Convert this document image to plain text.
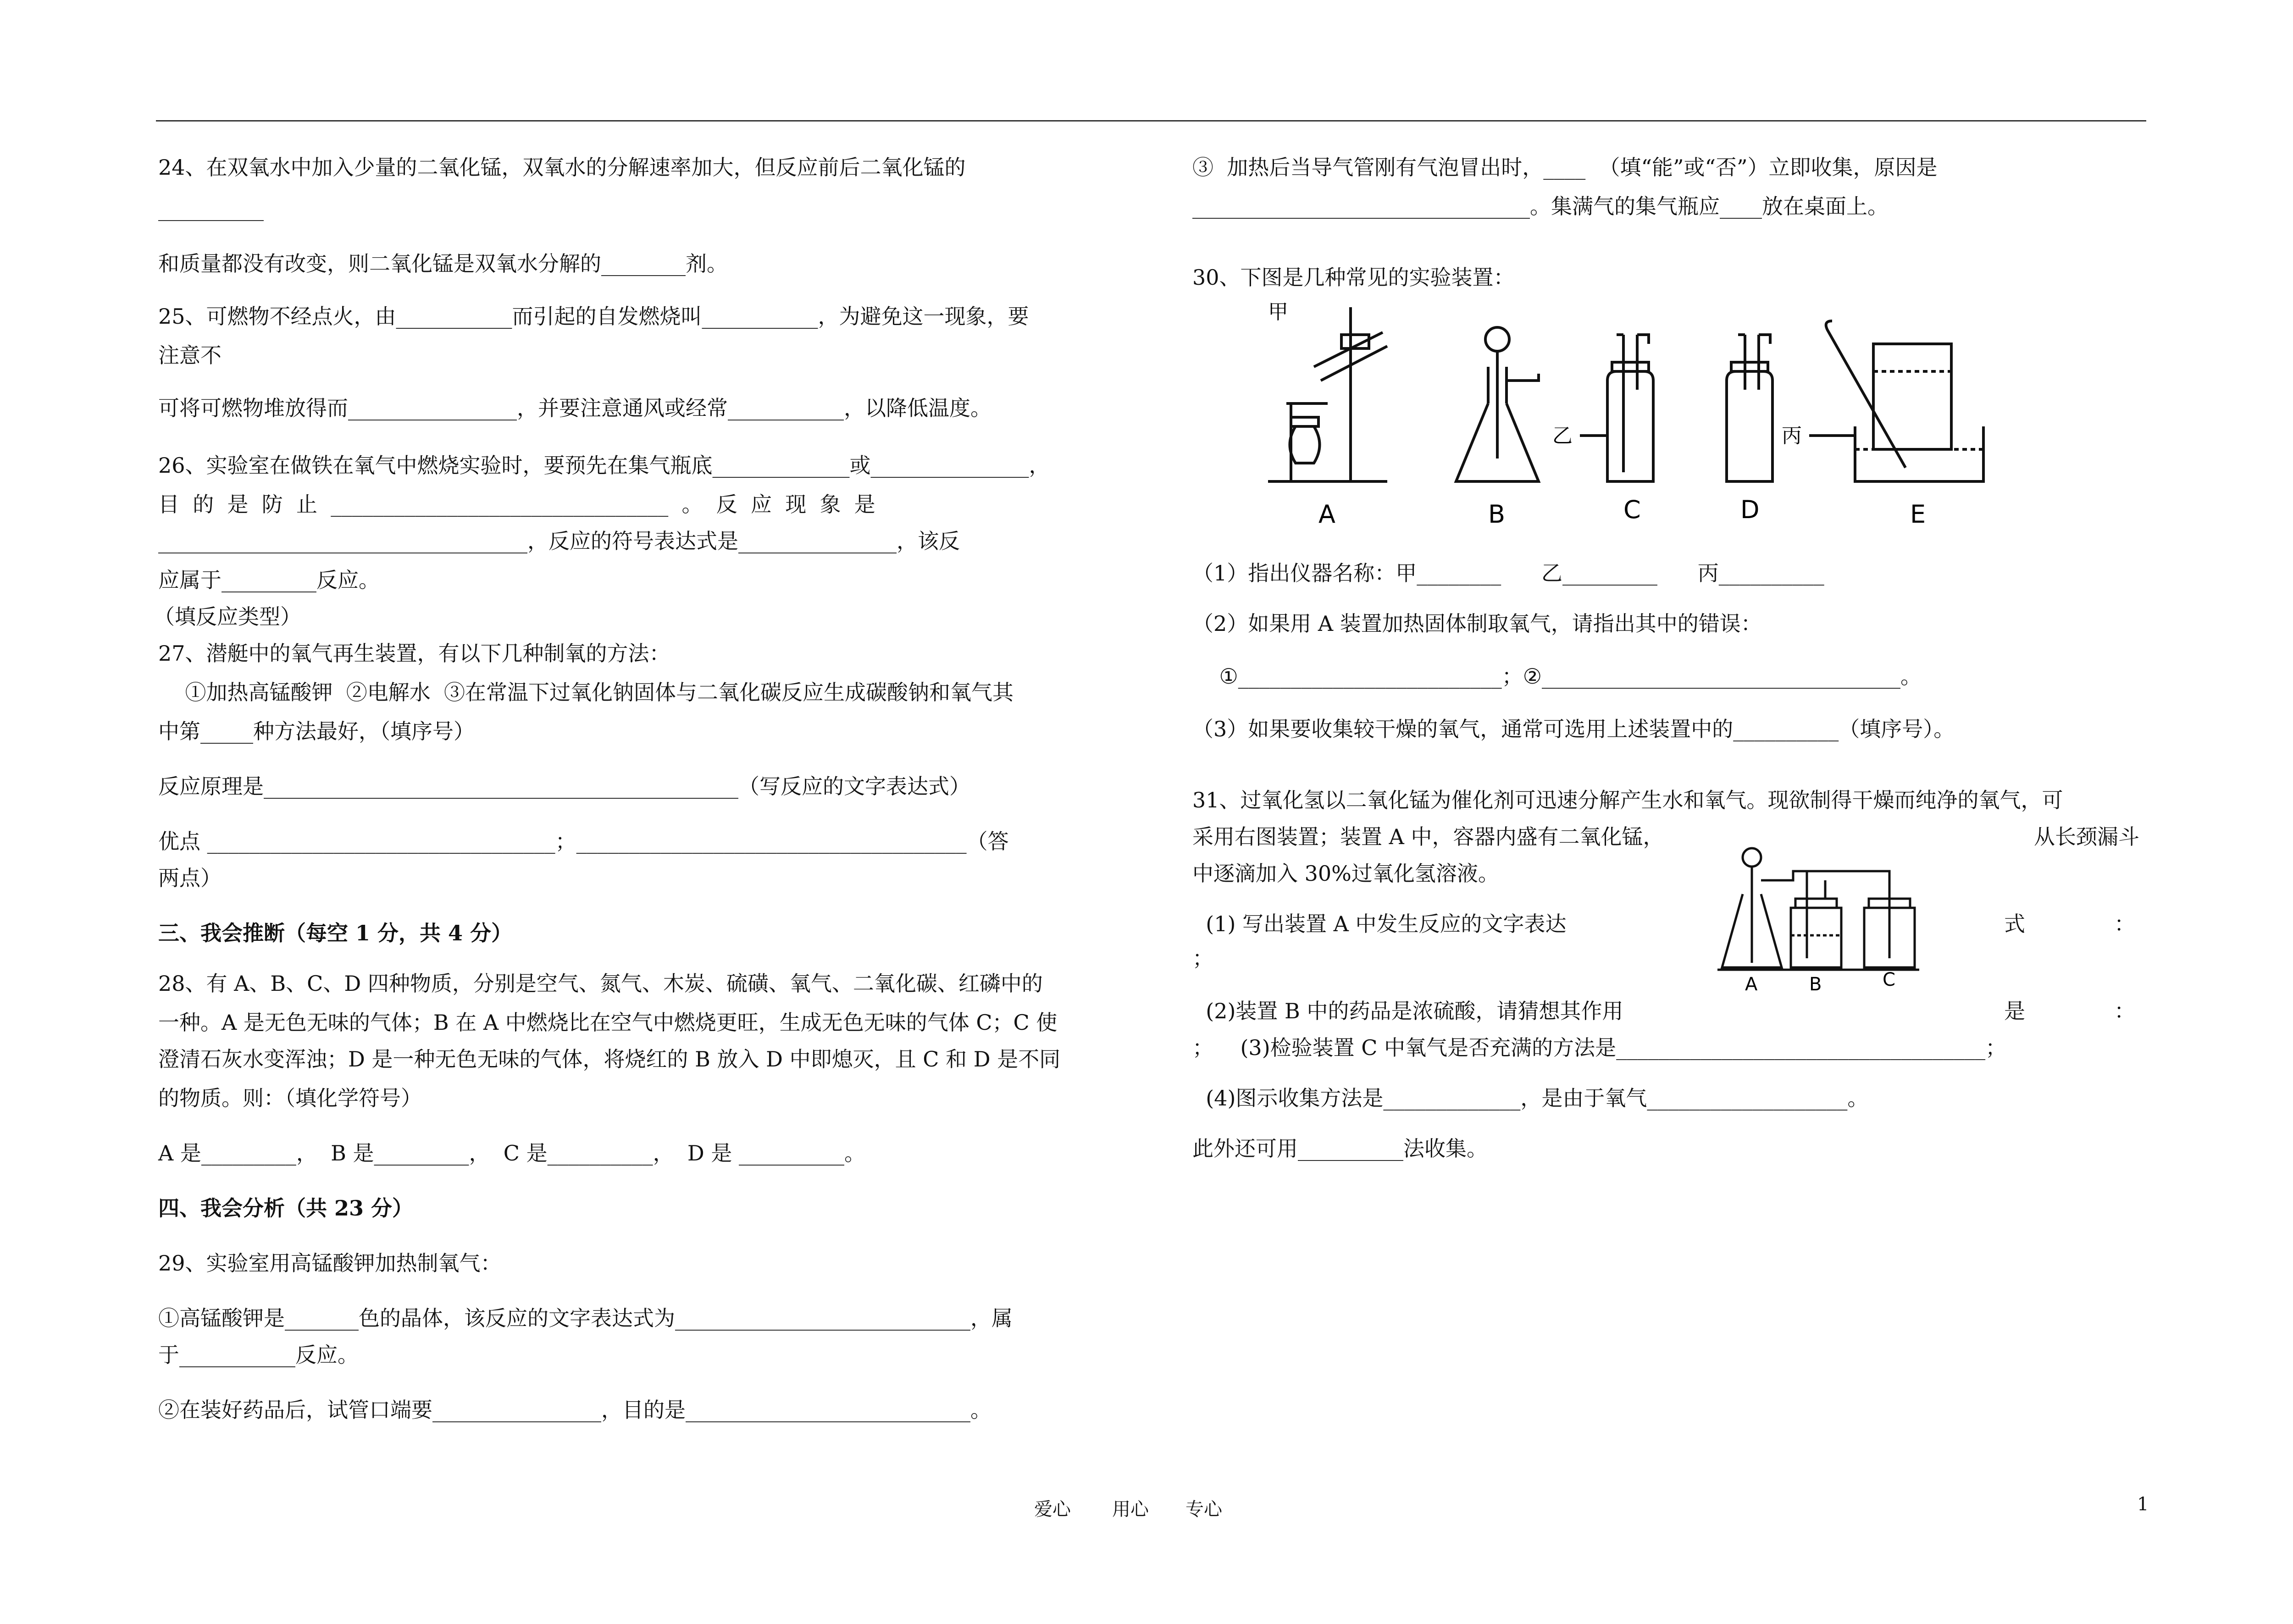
24、在双氧水中加入少量的二氧化锰，双氧水的分解速率加大，但反应前后二氧化锰的
__________
和质量都没有改变，则二氧化锰是双氧水分解的________剂。
25、可燃物不经点火，由___________而引起的自发燃烧叫___________，为避免这一现象，要
注意不
可将可燃物堆放得而________________，并要注意通风或经常___________，以降低温度。
26、实验室在做铁在氧气中燃烧实验时，要预先在集气瓶底_____________或_______________，
目  的  是  防  止  ________________________________  。  反  应  现  象  是
___________________________________，反应的符号表达式是_______________，该反
应属于_________反应。
（填反应类型）
27、潜艇中的氧气再生装置，有以下几种制氧的方法：
①加热高锰酸钾  ②电解水  ③在常温下过氧化钠固体与二氧化碳反应生成碳酸钠和氧气其
中第_____种方法最好，（填序号）
反应原理是_____________________________________________（写反应的文字表达式）
优点 _________________________________；_____________________________________（答
两点）
三、我会推断（每空 1 分，共 4 分）
28、有 A、B、C、D 四种物质，分别是空气、氮气、木炭、硫磺、氧气、二氧化碳、红磷中的
一种。A 是无色无味的气体；B 在 A 中燃烧比在空气中燃烧更旺，生成无色无味的气体 C；C 使
澄清石灰水变浑浊；D 是一种无色无味的气体，将烧红的 B 放入 D 中即熄灭，且 C 和 D 是不同
的物质。则：（填化学符号）
A 是_________，  B 是_________，  C 是__________，  D 是 __________。
四、我会分析（共 23 分）
29、实验室用高锰酸钾加热制氧气：
①高锰酸钾是_______色的晶体，该反应的文字表达式为____________________________，属
于___________反应。
②在装好药品后，试管口端要________________，目的是___________________________。
③  加热后当导气管刚有气泡冒出时，____  （填“能”或“否”）立即收集，原因是
________________________________。集满气的集气瓶应____放在桌面上。
30、下图是几种常见的实验装置：
甲
乙	丙
A	B	C	D	E
（1）指出仪器名称：甲________      乙_________      丙__________
（2）如果用 A 装置加热固体制取氧气，请指出其中的错误：
①_________________________；②__________________________________。
（3）如果要收集较干燥的氧气，通常可选用上述装置中的__________（填序号）。
31、过氧化氢以二氧化锰为催化剂可迅速分解产生水和氧气。现欲制得干燥而纯净的氧气，可
采用右图装置；装置 A 中，容器内盛有二氧化锰，	从长颈漏斗
中逐滴加入 30%过氧化氢溶液。
A	B	C
(1) 写出装置 A 中发生反应的文字表达	式	：
；
(2)装置 B 中的药品是浓硫酸，请猜想其作用	是	：
；    (3)检验装置 C 中氧气是否充满的方法是___________________________________；
(4)图示收集方法是_____________，是由于氧气___________________。
此外还可用__________法收集。
爱心 用心 专心	1
